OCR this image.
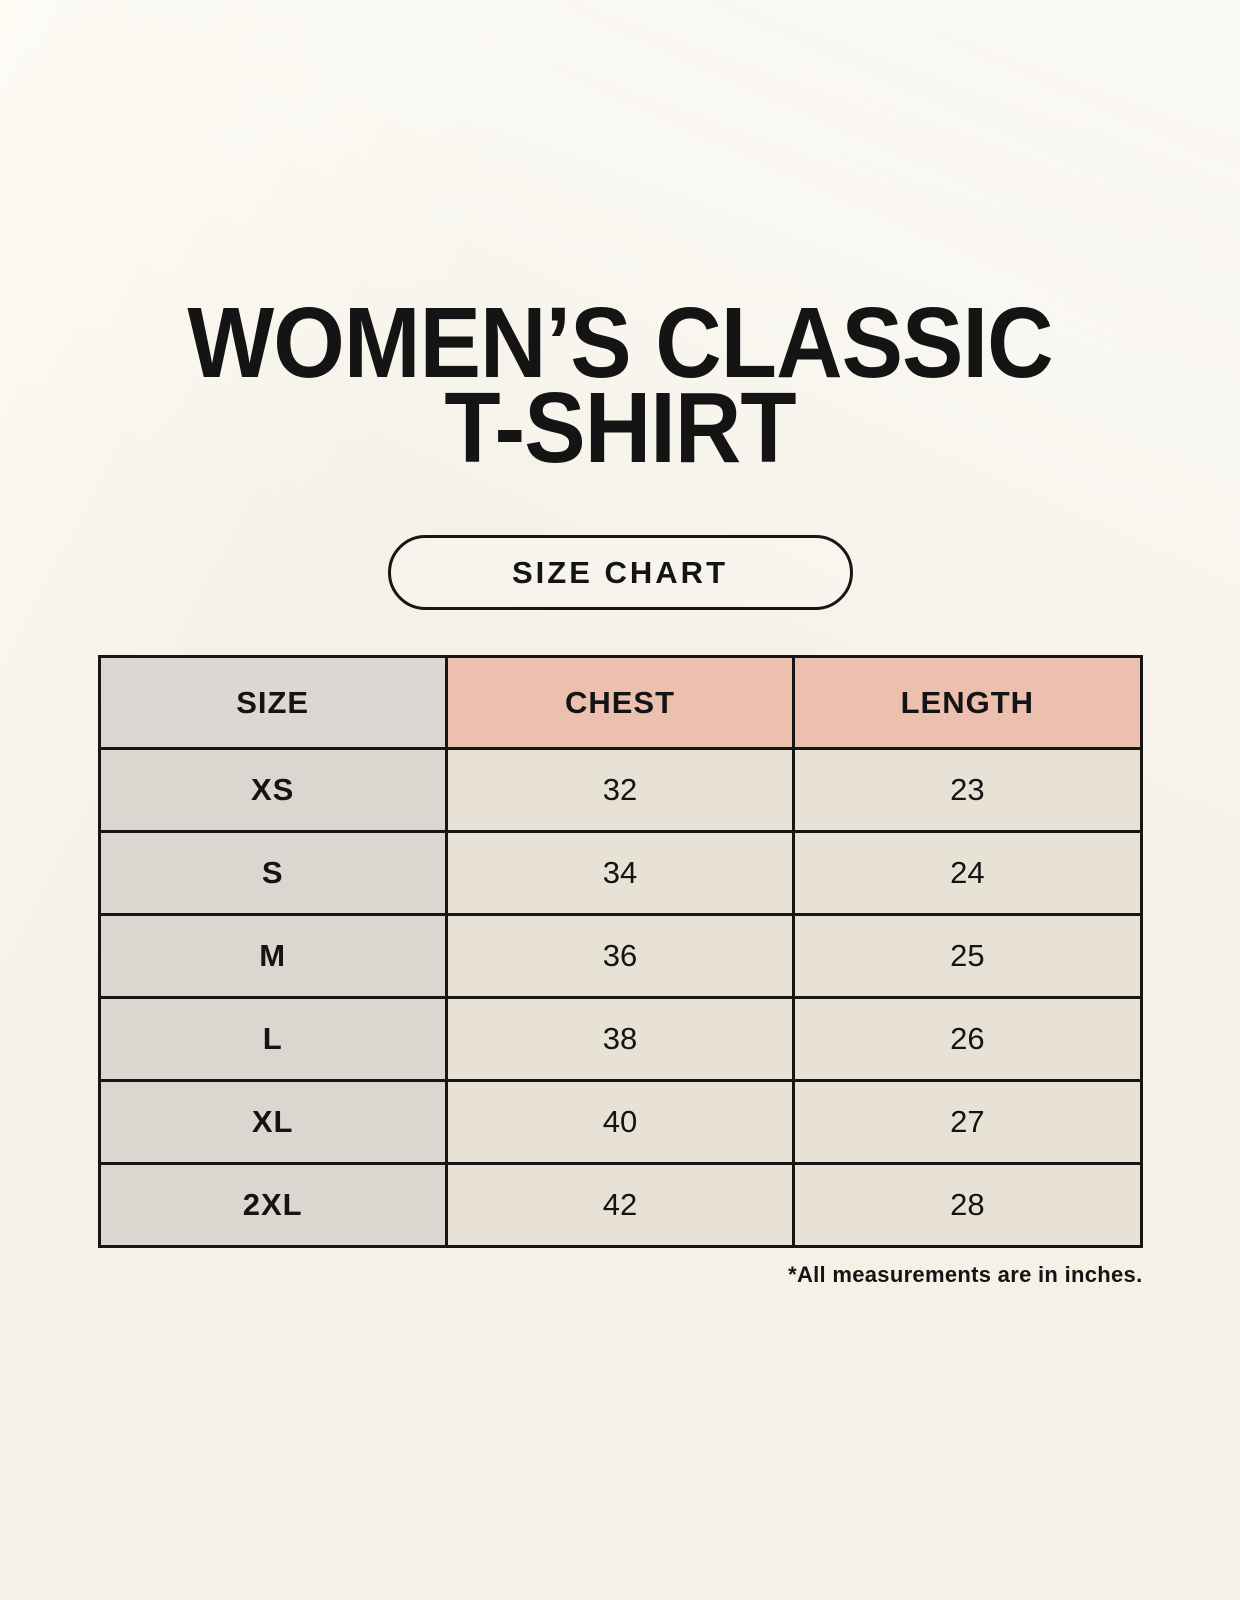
WOMEN’S CLASSIC
T-SHIRT
SIZE CHART
SIZE	CHEST	LENGTH
XS	32	23
S	34	24
M	36	25
L	38	26
XL	40	27
2XL	42	28
*All measurements are in inches.
